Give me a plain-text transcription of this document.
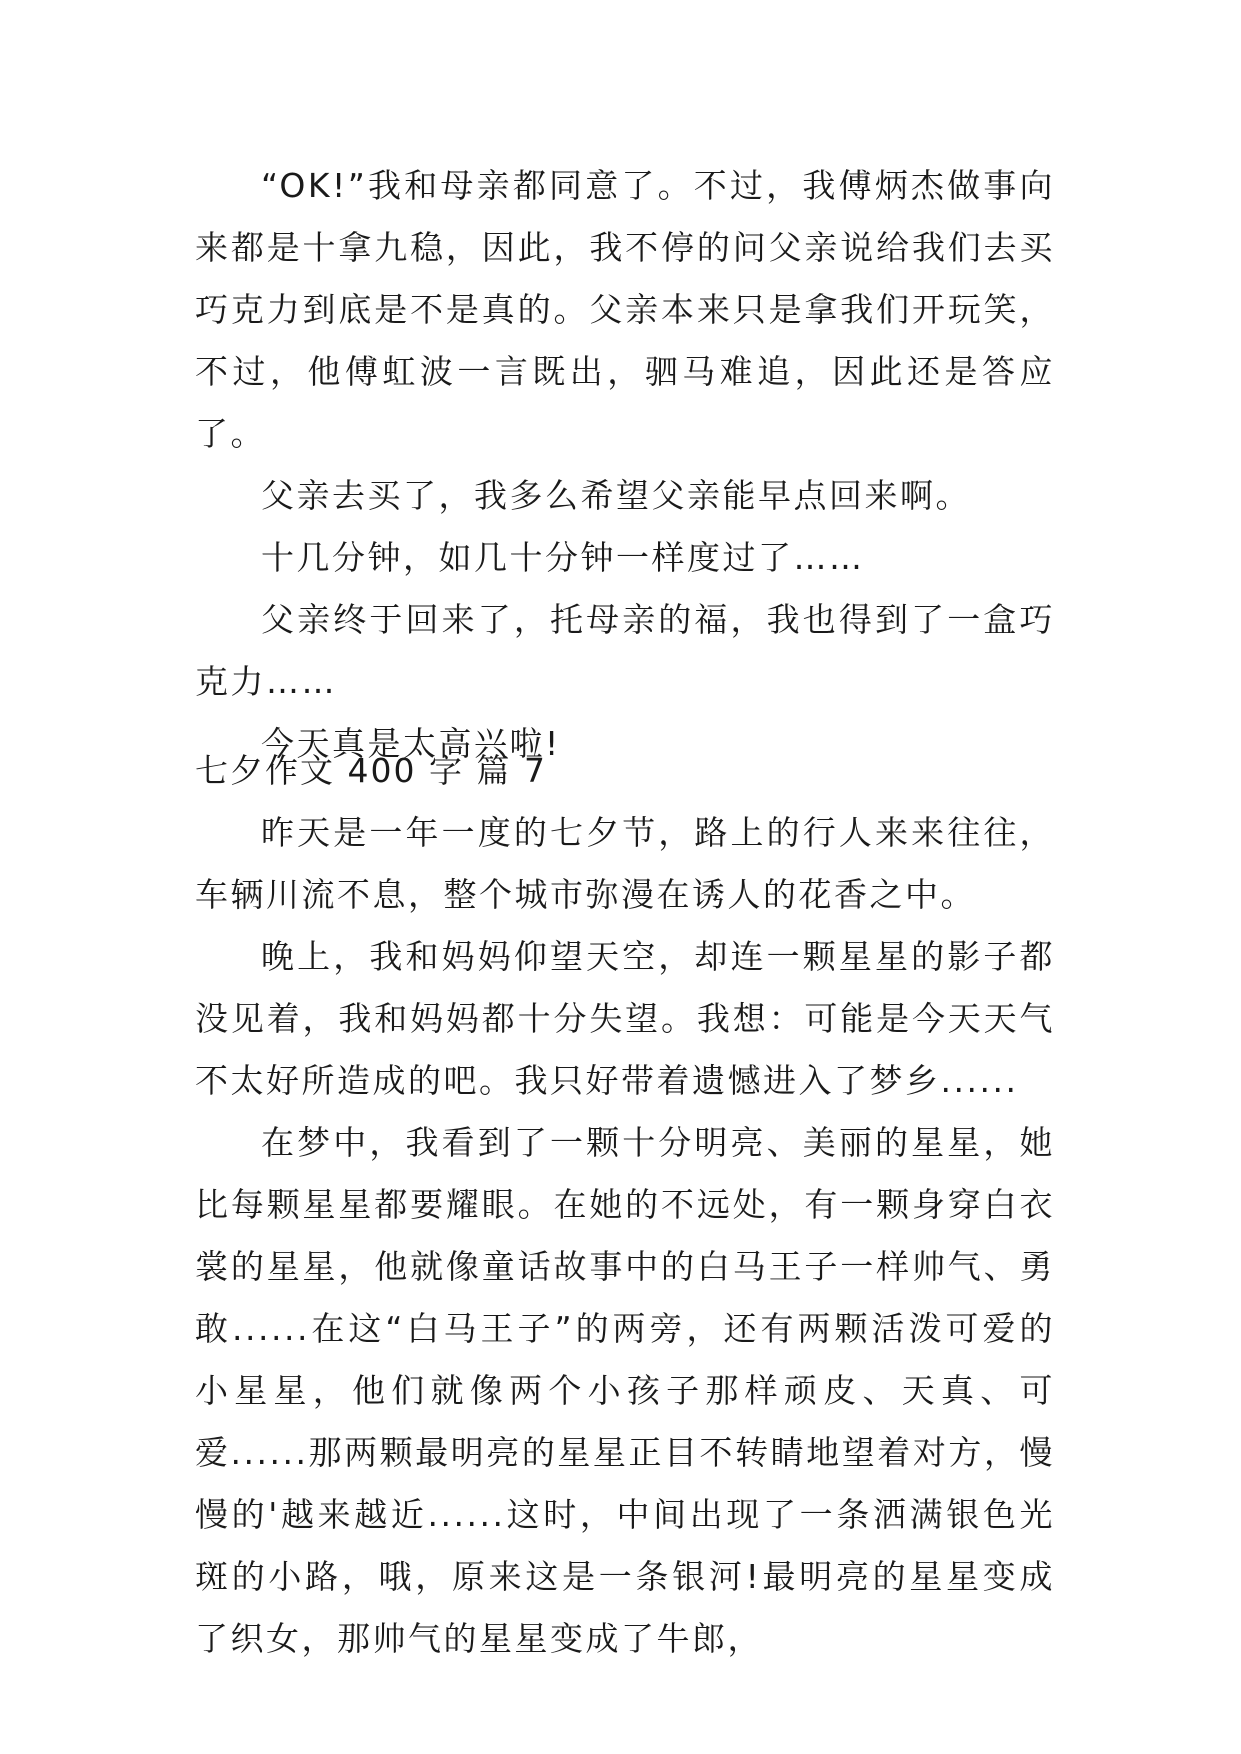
“OK!”我和母亲都同意了。不过，我傅炳杰做事向来都是十拿九稳，因此，我不停的问父亲说给我们去买巧克力到底是不是真的。父亲本来只是拿我们开玩笑，不过，他傅虹波一言既出，驷马难追，因此还是答应了。

父亲去买了，我多么希望父亲能早点回来啊。

十几分钟，如几十分钟一样度过了……

父亲终于回来了，托母亲的福，我也得到了一盒巧克力……

今天真是太高兴啦!

七夕作文 400 字 篇 7

昨天是一年一度的七夕节，路上的行人来来往往，车辆川流不息，整个城市弥漫在诱人的花香之中。

晚上，我和妈妈仰望天空，却连一颗星星的影子都没见着，我和妈妈都十分失望。我想：可能是今天天气不太好所造成的吧。我只好带着遗憾进入了梦乡......

在梦中，我看到了一颗十分明亮、美丽的星星，她比每颗星星都要耀眼。在她的不远处，有一颗身穿白衣裳的星星，他就像童话故事中的白马王子一样帅气、勇敢......在这“白马王子”的两旁，还有两颗活泼可爱的小星星，他们就像两个小孩子那样顽皮、天真、可爱......那两颗最明亮的星星正目不转睛地望着对方，慢慢的'越来越近......这时，中间出现了一条洒满银色光斑的小路，哦，原来这是一条银河!最明亮的星星变成了织女，那帅气的星星变成了牛郎，
